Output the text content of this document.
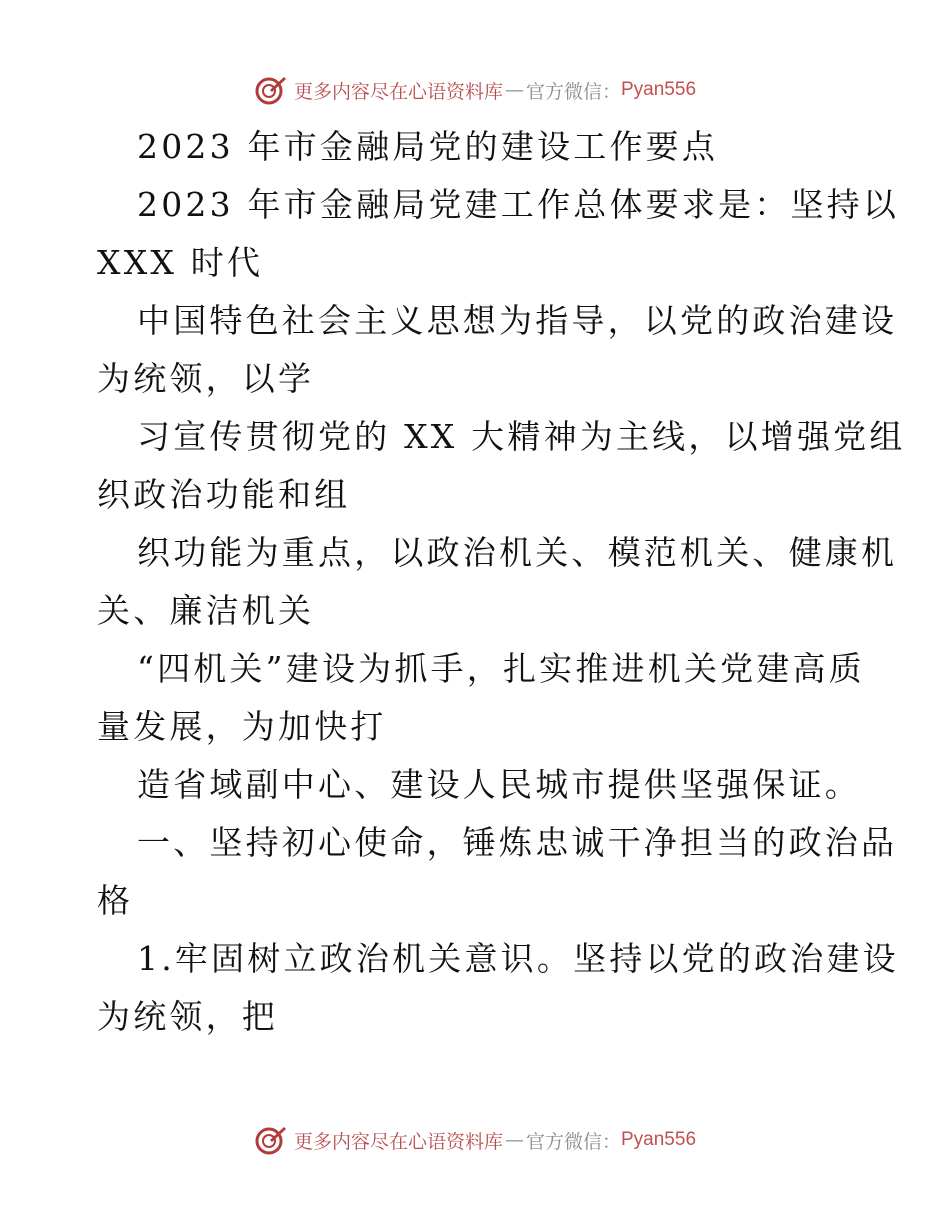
更多内容尽在心语资料库 — 官方微信： Pyan556
2023 年市金融局党的建设工作要点
2023 年市金融局党建工作总体要求是：坚持以
XXX 时代
中国特色社会主义思想为指导，以党的政治建设
为统领，以学
习宣传贯彻党的 XX 大精神为主线，以增强党组
织政治功能和组
织功能为重点，以政治机关、模范机关、健康机
关、廉洁机关
“四机关”建设为抓手，扎实推进机关党建高质
量发展，为加快打
造省域副中心、建设人民城市提供坚强保证。
一、坚持初心使命，锤炼忠诚干净担当的政治品
格
1.牢固树立政治机关意识。坚持以党的政治建设
为统领，把
更多内容尽在心语资料库 — 官方微信： Pyan556
